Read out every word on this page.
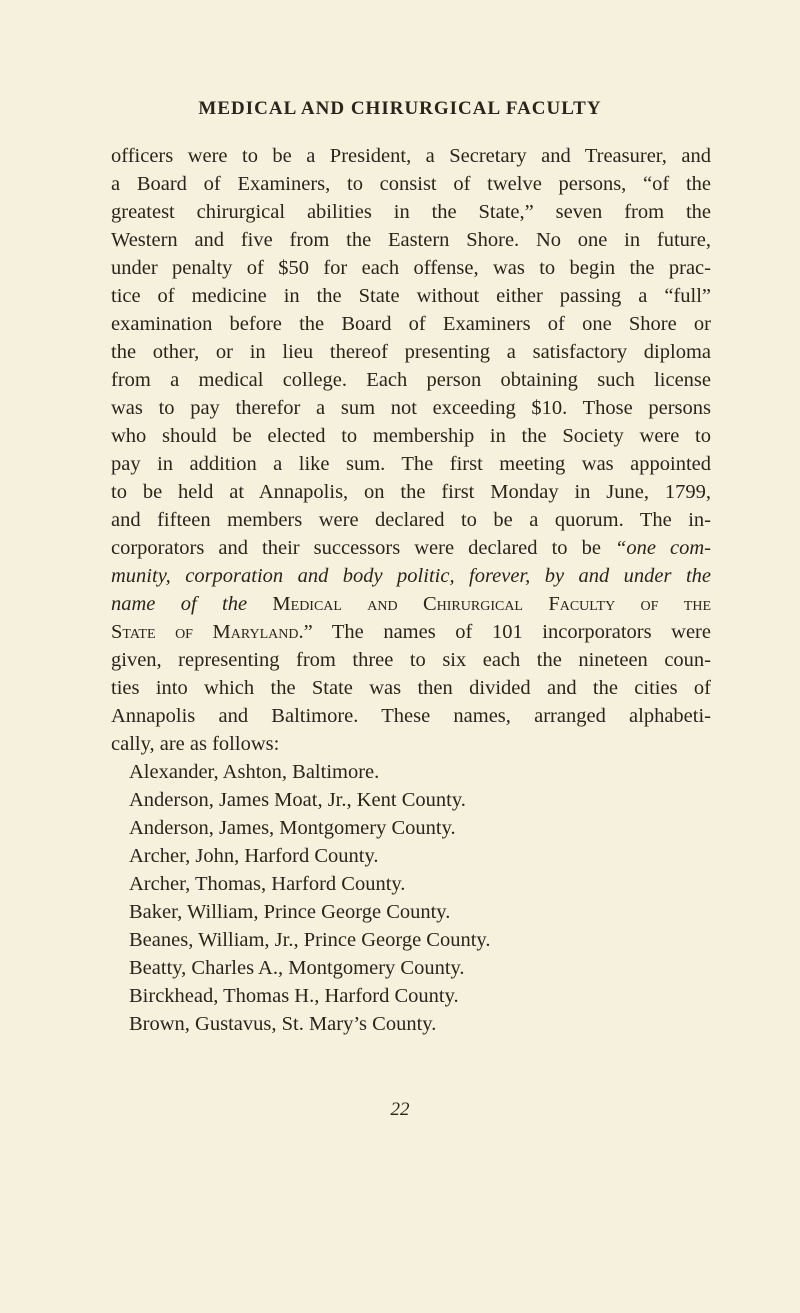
MEDICAL AND CHIRURGICAL FACULTY
officers were to be a President, a Secretary and Treasurer, and
a Board of Examiners, to consist of twelve persons, “of the
greatest chirurgical abilities in the State,” seven from the
Western and five from the Eastern Shore. No one in future,
under penalty of $50 for each offense, was to begin the prac-
tice of medicine in the State without either passing a “full”
examination before the Board of Examiners of one Shore or
the other, or in lieu thereof presenting a satisfactory diploma
from a medical college. Each person obtaining such license
was to pay therefor a sum not exceeding $10. Those persons
who should be elected to membership in the Society were to
pay in addition a like sum. The first meeting was appointed
to be held at Annapolis, on the first Monday in June, 1799,
and fifteen members were declared to be a quorum. The in-
corporators and their successors were declared to be “one com-
munity, corporation and body politic, forever, by and under the
name of the Medical and Chirurgical Faculty of the
State of Maryland.” The names of 101 incorporators were
given, representing from three to six each the nineteen coun-
ties into which the State was then divided and the cities of
Annapolis and Baltimore. These names, arranged alphabeti-
cally, are as follows:
Alexander, Ashton, Baltimore.
Anderson, James Moat, Jr., Kent County.
Anderson, James, Montgomery County.
Archer, John, Harford County.
Archer, Thomas, Harford County.
Baker, William, Prince George County.
Beanes, William, Jr., Prince George County.
Beatty, Charles A., Montgomery County.
Birckhead, Thomas H., Harford County.
Brown, Gustavus, St. Mary’s County.
22
